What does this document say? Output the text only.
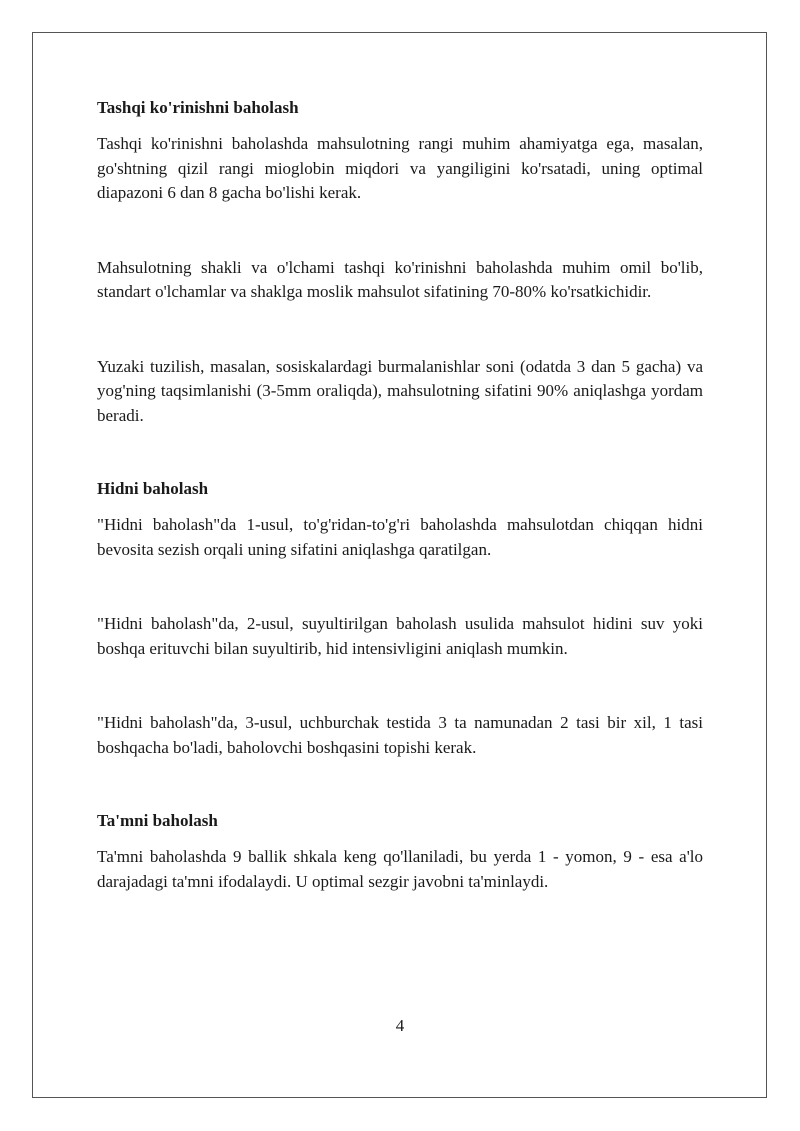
Tashqi ko'rinishni baholash

Tashqi ko'rinishni baholashda mahsulotning rangi muhim ahamiyatga ega, masalan, go'shtning qizil rangi mioglobin miqdori va yangiligini ko'rsatadi, uning optimal diapazoni 6 dan 8 gacha bo'lishi kerak.

Mahsulotning shakli va o'lchami tashqi ko'rinishni baholashda muhim omil bo'lib, standart o'lchamlar va shaklga moslik mahsulot sifatining 70-80% ko'rsatkichidir.

Yuzaki tuzilish, masalan, sosiskalardagi burmalanishlar soni (odatda 3 dan 5 gacha) va yog'ning taqsimlanishi (3-5mm oraliqda), mahsulotning sifatini 90% aniqlashga yordam beradi.

Hidni baholash

"Hidni baholash"da 1-usul, to'g'ridan-to'g'ri baholashda mahsulotdan chiqqan hidni bevosita sezish orqali uning sifatini aniqlashga qaratilgan.

"Hidni baholash"da, 2-usul, suyultirilgan baholash usulida mahsulot hidini suv yoki boshqa erituvchi bilan suyultirib, hid intensivligini aniqlash mumkin.

"Hidni baholash"da, 3-usul, uchburchak testida 3 ta namunadan 2 tasi bir xil, 1 tasi boshqacha bo'ladi, baholovchi boshqasini topishi kerak.

Ta'mni baholash

Ta'mni baholashda 9 ballik shkala keng qo'llaniladi, bu yerda 1 - yomon, 9 - esa a'lo darajadagi ta'mni ifodalaydi. U optimal sezgir javobni ta'minlaydi.

4
